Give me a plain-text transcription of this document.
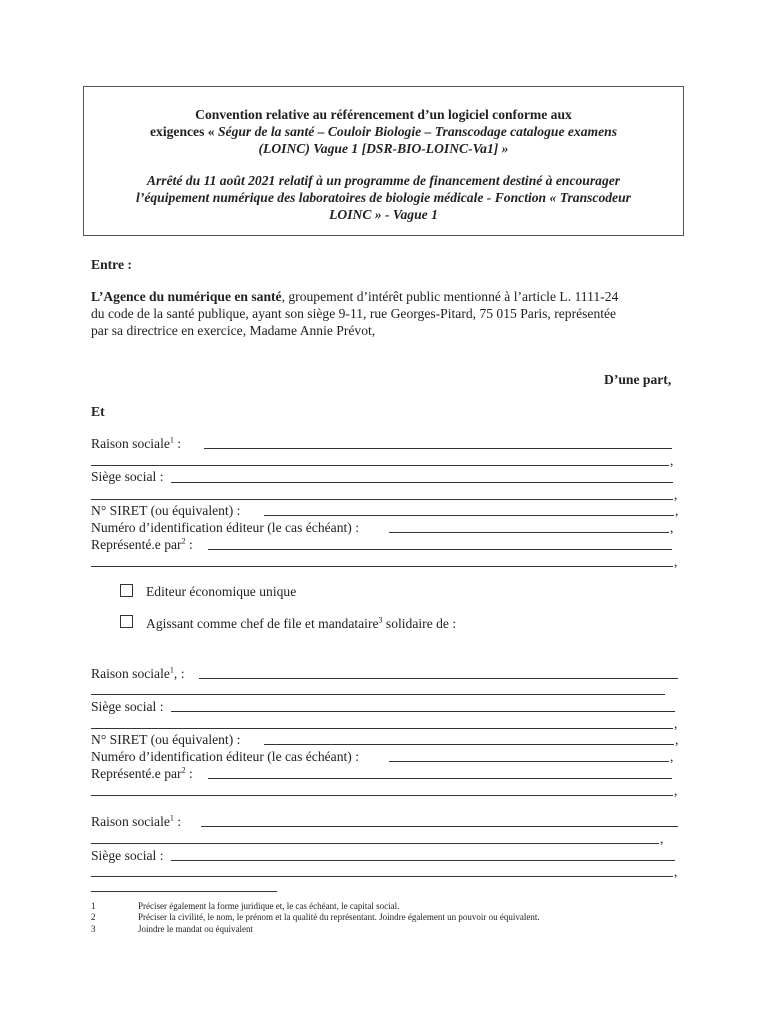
Convention relative au référencement d’un logiciel conforme aux
exigences « Ségur de la santé – Couloir Biologie – Transcodage catalogue examens
(LOINC) Vague 1 [DSR-BIO-LOINC-Va1] »
Arrêté du 11 août 2021 relatif à un programme de financement destiné à encourager
l’équipement numérique des laboratoires de biologie médicale - Fonction « Transcodeur
LOINC » - Vague 1
Entre :
L’Agence du numérique en santé, groupement d’intérêt public mentionné à l’article L. 1111-24
du code de la santé publique, ayant son siège 9-11, rue Georges-Pitard, 75 015 Paris, représentée
par sa directrice en exercice, Madame Annie Prévot,
D’une part,
Et
Raison sociale$^1$ :
,
Siège social :
,
N° SIRET (ou équivalent) :	,
Numéro d’identification éditeur (le cas échéant) :	,
Représenté.e par$^2$ :
,
Editeur économique unique
Agissant comme chef de file et mandataire$^3$ solidaire de :
Raison sociale$^1$, :
Siège social :
,
N° SIRET (ou équivalent) :	,
Numéro d’identification éditeur (le cas échéant) :	,
Représenté.e par$^2$ :
,
Raison sociale$^1$ :
,
Siège social :
,
1	Préciser également la forme juridique et, le cas échéant, le capital social.
2	Préciser la civilité, le nom, le prénom et la qualité du représentant. Joindre également un pouvoir ou équivalent.
3	Joindre le mandat ou équivalent
